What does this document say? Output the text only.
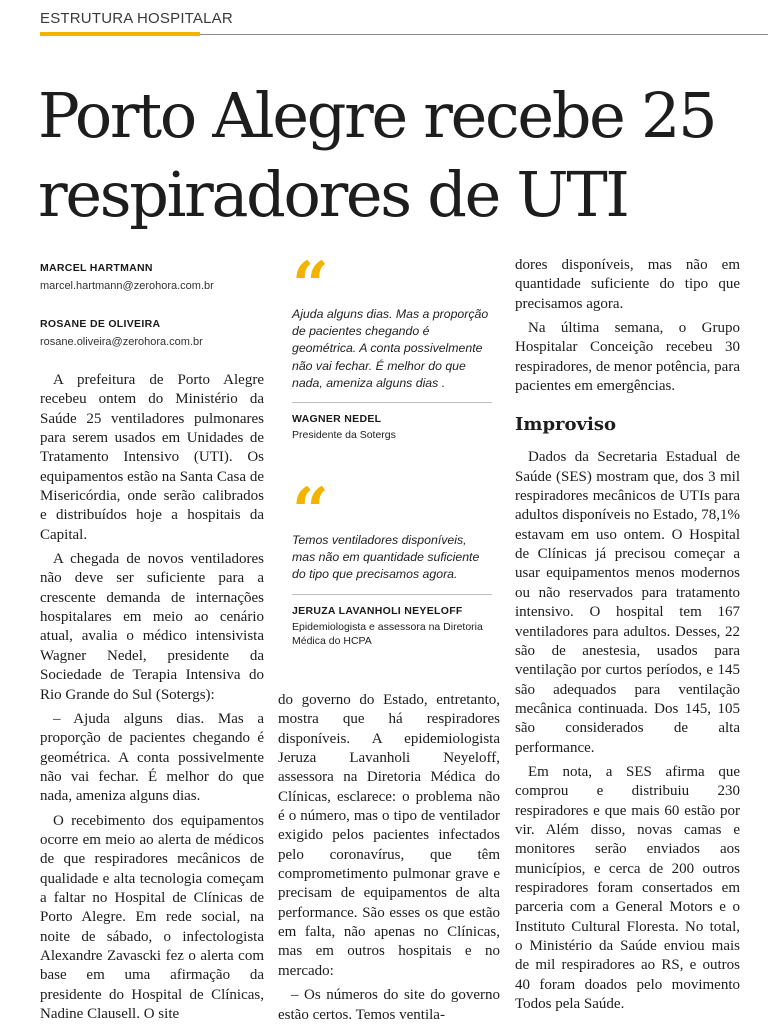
ESTRUTURA HOSPITALAR
Porto Alegre recebe 25
respiradores de UTI
MARCEL HARTMANN
marcel.hartmann@zerohora.com.br
ROSANE DE OLIVEIRA
rosane.oliveira@zerohora.com.br

A prefeitura de Porto Alegre recebeu ontem do Ministério da Saúde 25 ventiladores pulmonares para serem usados em Unidades de Tratamento Intensivo (UTI). Os equipamentos estão na Santa Casa de Misericórdia, onde serão calibrados e distribuídos hoje a hospitais da Capital.

A chegada de novos ventiladores não deve ser suficiente para a crescente demanda de internações hospitalares em meio ao cenário atual, avalia o médico intensivista Wagner Nedel, presidente da Sociedade de Terapia Intensiva do Rio Grande do Sul (Sotergs):

– Ajuda alguns dias. Mas a proporção de pacientes chegando é geométrica. A conta possivelmente não vai fechar. É melhor do que nada, ameniza alguns dias.

O recebimento dos equipamentos ocorre em meio ao alerta de médicos de que respiradores mecânicos de qualidade e alta tecnologia começam a faltar no Hospital de Clínicas de Porto Alegre. Em rede social, na noite de sábado, o infectologista Alexandre Zavascki fez o alerta com base em uma afirmação da presidente do Hospital de Clínicas, Nadine Clausell. O site

“
Ajuda alguns dias. Mas a proporção de pacientes chegando é geométrica. A conta possivelmente não vai fechar. É melhor do que nada, ameniza alguns dias .
WAGNER NEDEL
Presidente da Sotergs
“
Temos ventiladores disponíveis, mas não em quantidade suficiente do tipo que precisamos agora.
JERUZA LAVANHOLI NEYELOFF
Epidemiologista e assessora na Diretoria Médica do HCPA

do governo do Estado, entretanto, mostra que há respiradores disponíveis. A epidemiologista Jeruza Lavanholi Neyeloff, assessora na Diretoria Médica do Clínicas, esclarece: o problema não é o número, mas o tipo de ventilador exigido pelos pacientes infectados pelo coronavírus, que têm comprometimento pulmonar grave e precisam de equipamentos de alta performance. São esses os que estão em falta, não apenas no Clínicas, mas em outros hospitais e no mercado:

– Os números do site do governo estão certos. Temos ventila-

dores disponíveis, mas não em quantidade suficiente do tipo que precisamos agora.

Na última semana, o Grupo Hospitalar Conceição recebeu 30 respiradores, de menor potência, para pacientes em emergências.

Improviso

Dados da Secretaria Estadual de Saúde (SES) mostram que, dos 3 mil respiradores mecânicos de UTIs para adultos disponíveis no Estado, 78,1% estavam em uso ontem. O Hospital de Clínicas já precisou começar a usar equipamentos menos modernos ou não reservados para tratamento intensivo. O hospital tem 167 ventiladores para adultos. Desses, 22 são de anestesia, usados para ventilação por curtos períodos, e 145 são adequados para ventilação mecânica continuada. Dos 145, 105 são considerados de alta performance.

Em nota, a SES afirma que comprou e distribuiu 230 respiradores e que mais 60 estão por vir. Além disso, novas camas e monitores serão enviados aos municípios, e cerca de 200 outros respiradores foram consertados em parceria com a General Motors e o Instituto Cultural Floresta. No total, o Ministério da Saúde enviou mais de mil respiradores ao RS, e outros 40 foram doados pelo movimento Todos pela Saúde.
